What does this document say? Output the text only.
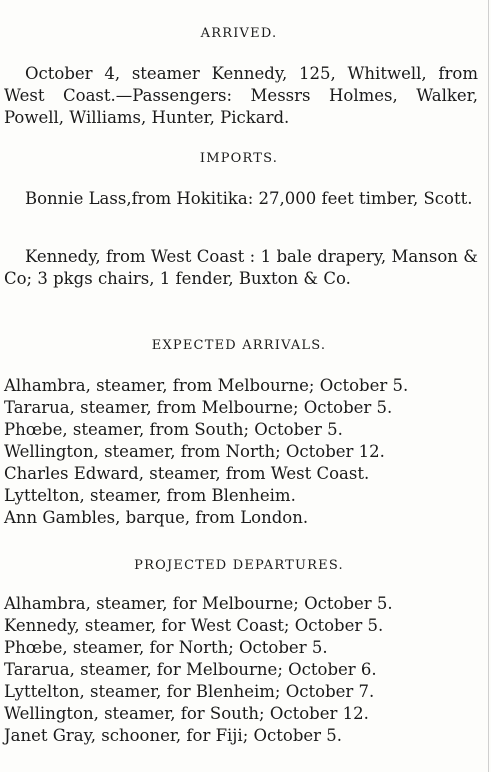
ARRIVED.

October 4, steamer Kennedy, 125, Whitwell, from West Coast.—Passengers: Messrs Holmes, Walker, Powell, Williams, Hunter, Pickard.

IMPORTS.

Bonnie Lass,from Hokitika: 27,000 feet timber, Scott.

Kennedy, from West Coast : 1 bale drapery, Manson & Co; 3 pkgs chairs, 1 fender, Buxton & Co.

EXPECTED ARRIVALS.
Alhambra, steamer, from Melbourne; October 5.
Tararua, steamer, from Melbourne; October 5.
Phœbe, steamer, from South; October 5.
Wellington, steamer, from North; October 12.
Charles Edward, steamer, from West Coast.
Lyttelton, steamer, from Blenheim.
Ann Gambles, barque, from London.
PROJECTED DEPARTURES.
Alhambra, steamer, for Melbourne; October 5.
Kennedy, steamer, for West Coast; October 5.
Phœbe, steamer, for North; October 5.
Tararua, steamer, for Melbourne; October 6.
Lyttelton, steamer, for Blenheim; October 7.
Wellington, steamer, for South; October 12.
Janet Gray, schooner, for Fiji; October 5.
